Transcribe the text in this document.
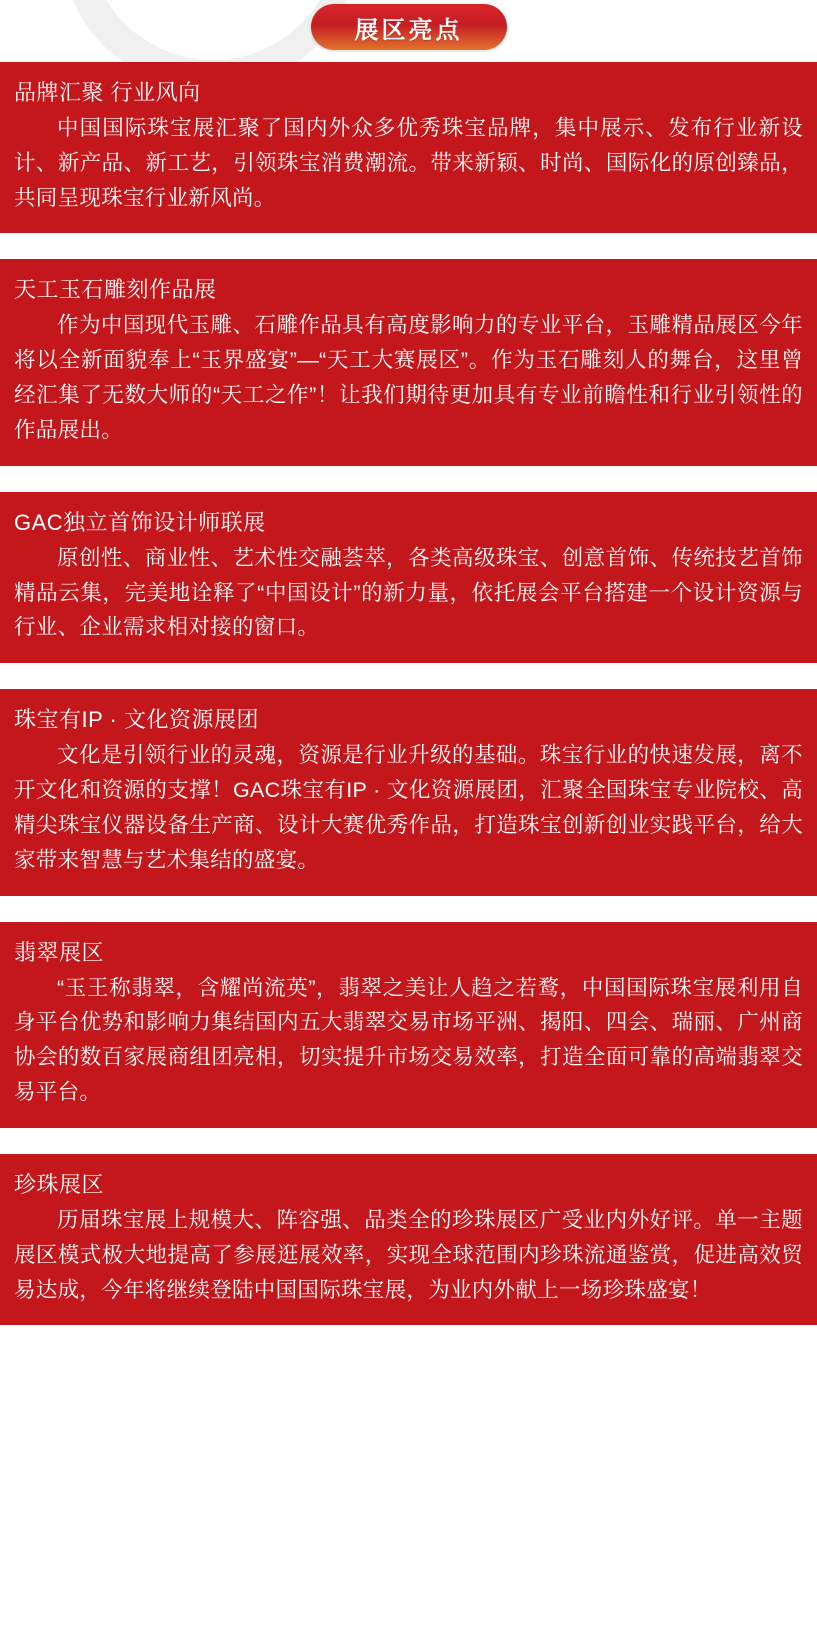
展区亮点
品牌汇聚 行业风向

中国国际珠宝展汇聚了国内外众多优秀珠宝品牌，集中展示、发布行业新设计、新产品、新工艺，引领珠宝消费潮流。带来新颖、时尚、国际化的原创臻品，共同呈现珠宝行业新风尚。

天工玉石雕刻作品展

作为中国现代玉雕、石雕作品具有高度影响力的专业平台，玉雕精品展区今年将以全新面貌奉上“玉界盛宴”—“天工大赛展区”。作为玉石雕刻人的舞台，这里曾经汇集了无数大师的“天工之作”！让我们期待更加具有专业前瞻性和行业引领性的作品展出。

GAC独立首饰设计师联展

原创性、商业性、艺术性交融荟萃，各类高级珠宝、创意首饰、传统技艺首饰精品云集，完美地诠释了“中国设计”的新力量，依托展会平台搭建一个设计资源与行业、企业需求相对接的窗口。

珠宝有IP · 文化资源展团

文化是引领行业的灵魂，资源是行业升级的基础。珠宝行业的快速发展，离不开文化和资源的支撑！GAC珠宝有IP · 文化资源展团，汇聚全国珠宝专业院校、高精尖珠宝仪器设备生产商、设计大赛优秀作品，打造珠宝创新创业实践平台，给大家带来智慧与艺术集结的盛宴。

翡翠展区

“玉王称翡翠，含耀尚流英”，翡翠之美让人趋之若鹜，中国国际珠宝展利用自身平台优势和影响力集结国内五大翡翠交易市场平洲、揭阳、四会、瑞丽、广州商协会的数百家展商组团亮相，切实提升市场交易效率，打造全面可靠的高端翡翠交易平台。

珍珠展区

历届珠宝展上规模大、阵容强、品类全的珍珠展区广受业内外好评。单一主题展区模式极大地提高了参展逛展效率，实现全球范围内珍珠流通鉴赏，促进高效贸易达成，今年将继续登陆中国国际珠宝展，为业内外献上一场珍珠盛宴！
